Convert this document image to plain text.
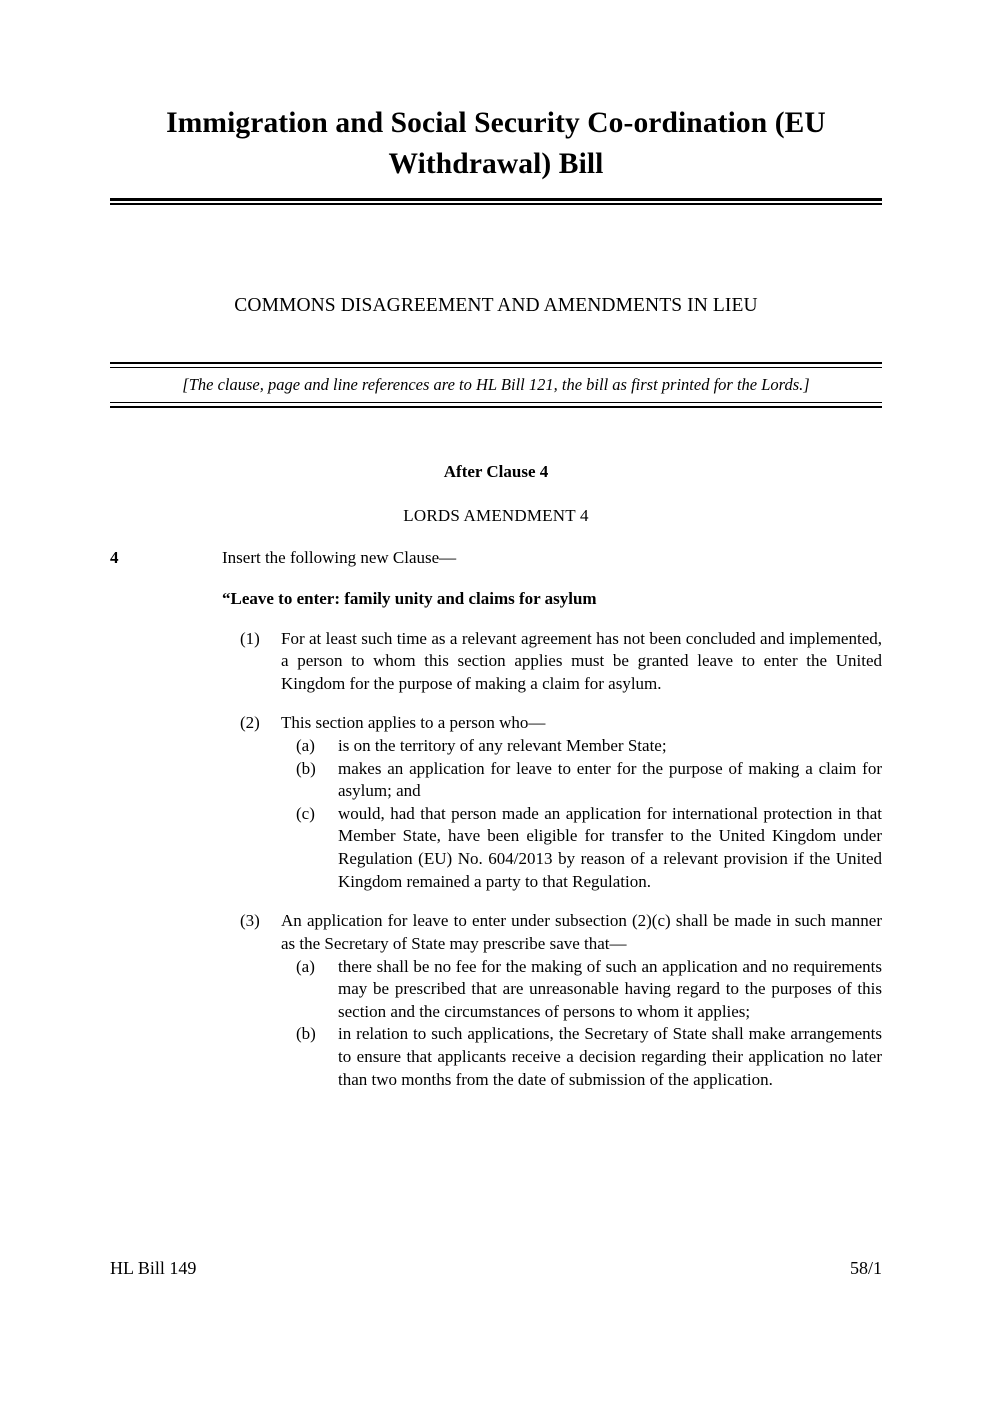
Immigration and Social Security Co-ordination (EU Withdrawal) Bill
COMMONS DISAGREEMENT AND AMENDMENTS IN LIEU
[The clause, page and line references are to HL Bill 121, the bill as first printed for the Lords.]
After Clause 4
LORDS AMENDMENT 4
4	Insert the following new Clause—

“Leave to enter: family unity and claims for asylum

(1)	For at least such time as a relevant agreement has not been concluded and implemented, a person to whom this section applies must be granted leave to enter the United Kingdom for the purpose of making a claim for asylum.

(2)	This section applies to a person who—

(a)	is on the territory of any relevant Member State;

(b)	makes an application for leave to enter for the purpose of making a claim for asylum; and

(c)	would, had that person made an application for international protection in that Member State, have been eligible for transfer to the United Kingdom under Regulation (EU) No. 604/2013 by reason of a relevant provision if the United Kingdom remained a party to that Regulation.

(3)	An application for leave to enter under subsection (2)(c) shall be made in such manner as the Secretary of State may prescribe save that—

(a)	there shall be no fee for the making of such an application and no requirements may be prescribed that are unreasonable having regard to the purposes of this section and the circumstances of persons to whom it applies;

(b)	in relation to such applications, the Secretary of State shall make arrangements to ensure that applicants receive a decision regarding their application no later than two months from the date of submission of the application.

HL Bill 149	58/1
